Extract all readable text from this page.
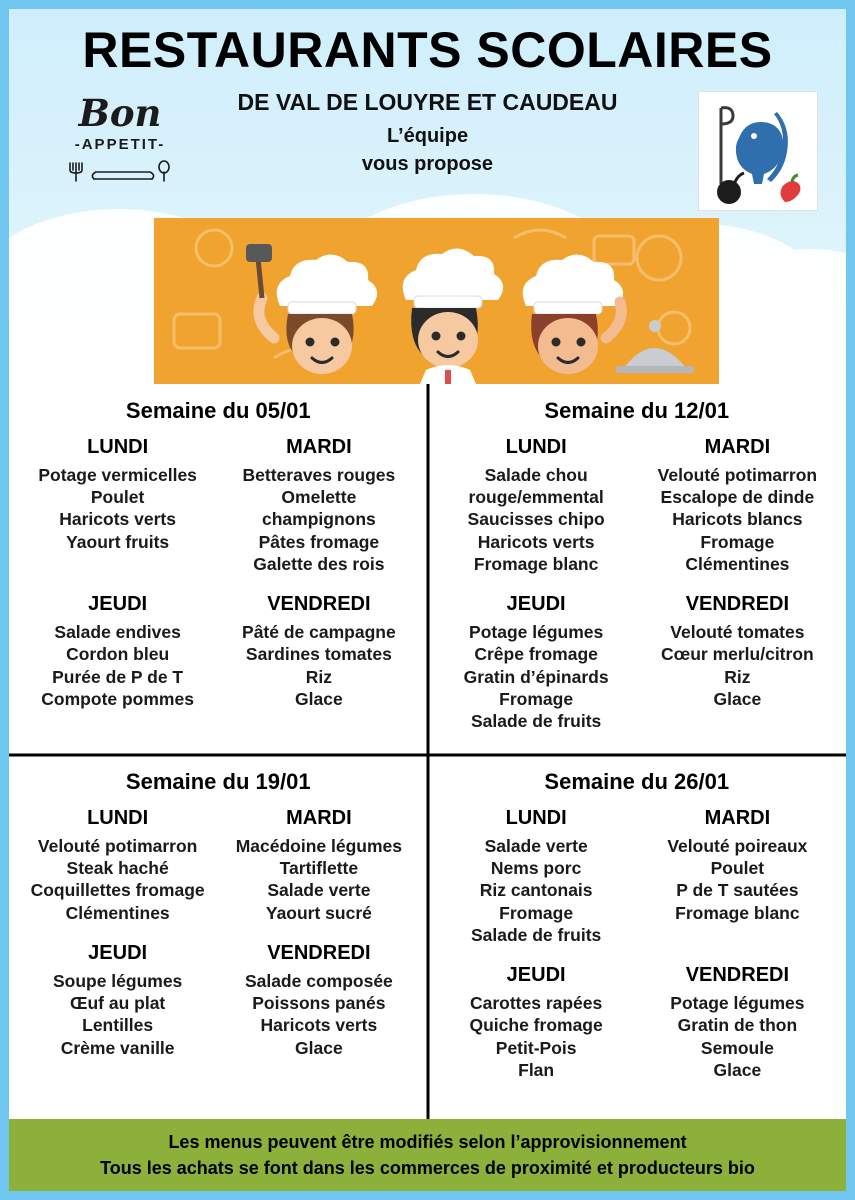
RESTAURANTS SCOLAIRES
DE VAL DE LOUYRE ET CAUDEAU
L’équipe
vous propose
Bon
-APPETIT-
Semaine du 05/01
LUNDI
Potage vermicelles
Poulet
Haricots verts
Yaourt fruits
MARDI
Betteraves rouges
Omelette
champignons
Pâtes fromage
Galette des rois
JEUDI
Salade endives
Cordon bleu
Purée de P de T
Compote pommes
VENDREDI
Pâté de campagne
Sardines tomates
Riz
Glace
Semaine du 12/01
LUNDI
Salade chou
rouge/emmental
Saucisses chipo
Haricots verts
Fromage blanc
MARDI
Velouté potimarron
Escalope de dinde
Haricots blancs
Fromage
Clémentines
JEUDI
Potage légumes
Crêpe fromage
Gratin d’épinards
Fromage
Salade de fruits
VENDREDI
Velouté tomates
Cœur merlu/citron
Riz
Glace
Semaine du 19/01
LUNDI
Velouté potimarron
Steak haché
Coquillettes fromage
Clémentines
MARDI
Macédoine légumes
Tartiflette
Salade verte
Yaourt sucré
JEUDI
Soupe légumes
Œuf au plat
Lentilles
Crème vanille
VENDREDI
Salade composée
Poissons panés
Haricots verts
Glace
Semaine du 26/01
LUNDI
Salade verte
Nems porc
Riz cantonais
Fromage
Salade de fruits
MARDI
Velouté poireaux
Poulet
P de T sautées
Fromage blanc
JEUDI
Carottes rapées
Quiche fromage
Petit-Pois
Flan
VENDREDI
Potage légumes
Gratin de thon
Semoule
Glace
Les menus peuvent être modifiés selon l’approvisionnement
Tous les achats se font dans les commerces de proximité et producteurs bio
